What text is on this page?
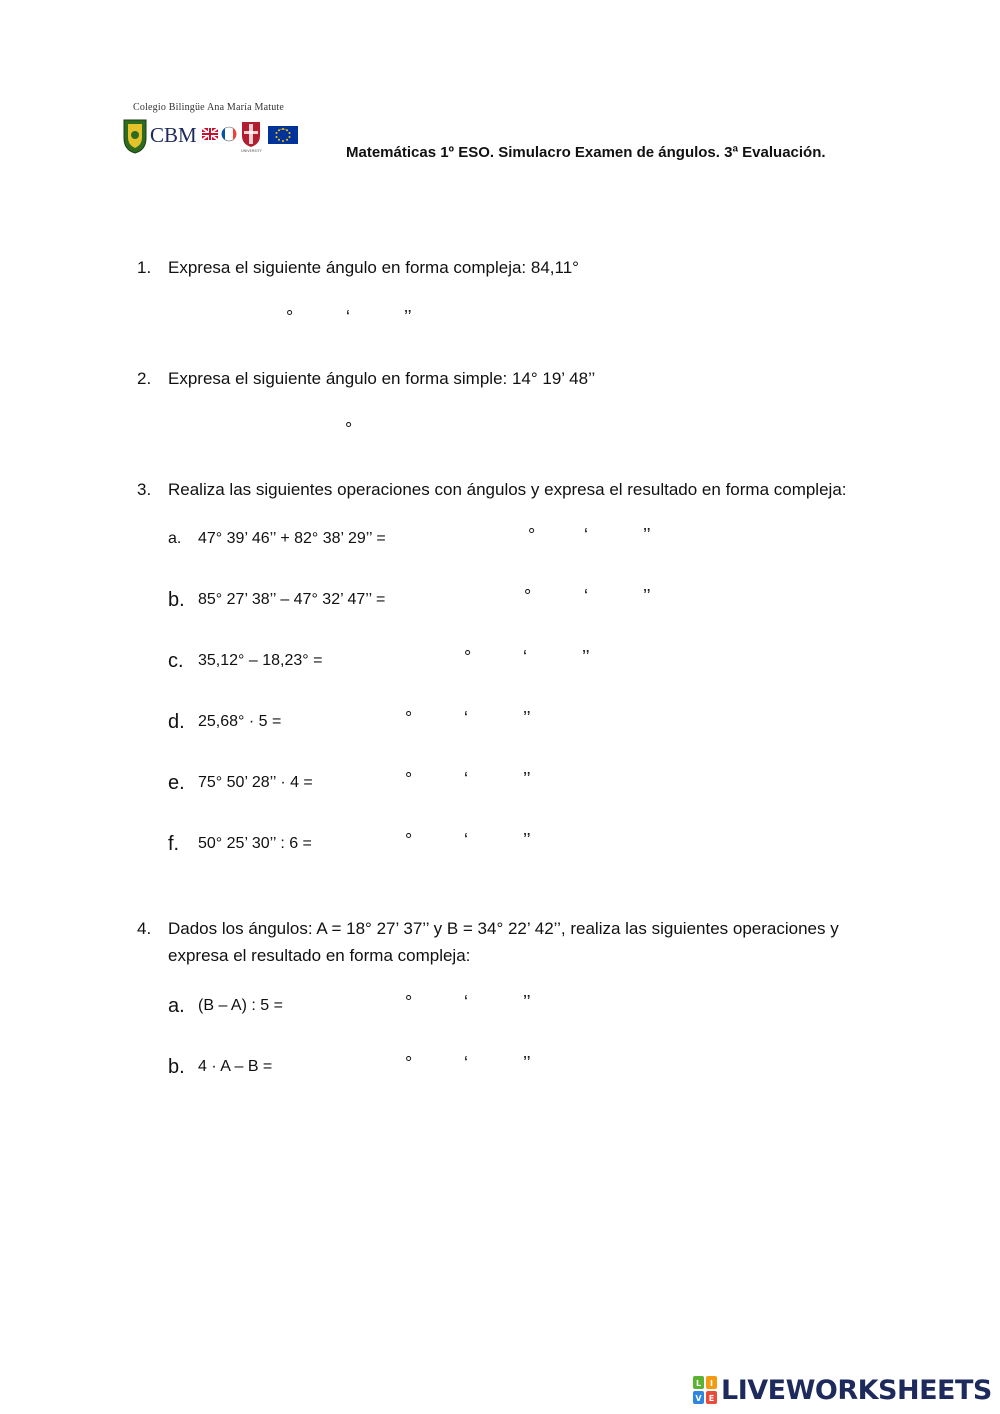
Colegio Bilingüe Ana María Matute
CBM
UNIVERSITY	Matemáticas 1º ESO. Simulacro Examen de ángulos. 3ª Evaluación.
1. Expresa el siguiente ángulo en forma compleja: 84,11°
°	‘	’’
2. Expresa el siguiente ángulo en forma simple: 14° 19’ 48’’
°
3. Realiza las siguientes operaciones con ángulos y expresa el resultado en forma compleja:
a. 47° 39’ 46’’ + 82° 38’ 29’’ =	°	‘	’’
b. 85° 27’ 38’’ – 47° 32’ 47’’ =	°	‘	’’
c. 35,12° – 18,23° =	°	‘	’’
d. 25,68° · 5 =	°	‘	’’
e. 75° 50’ 28’’ · 4 =	°	‘	’’
f. 50° 25’ 30’’ : 6 =	°	‘	’’
4. Dados los ángulos: A = 18° 27’ 37’’ y B = 34° 22’ 42’’, realiza las siguientes operaciones y
expresa el resultado en forma compleja:
a. (B – A) : 5 =	°	‘	’’
b. 4 · A – B =	°	‘	’’
L I
V E LIVEWORKSHEETS
